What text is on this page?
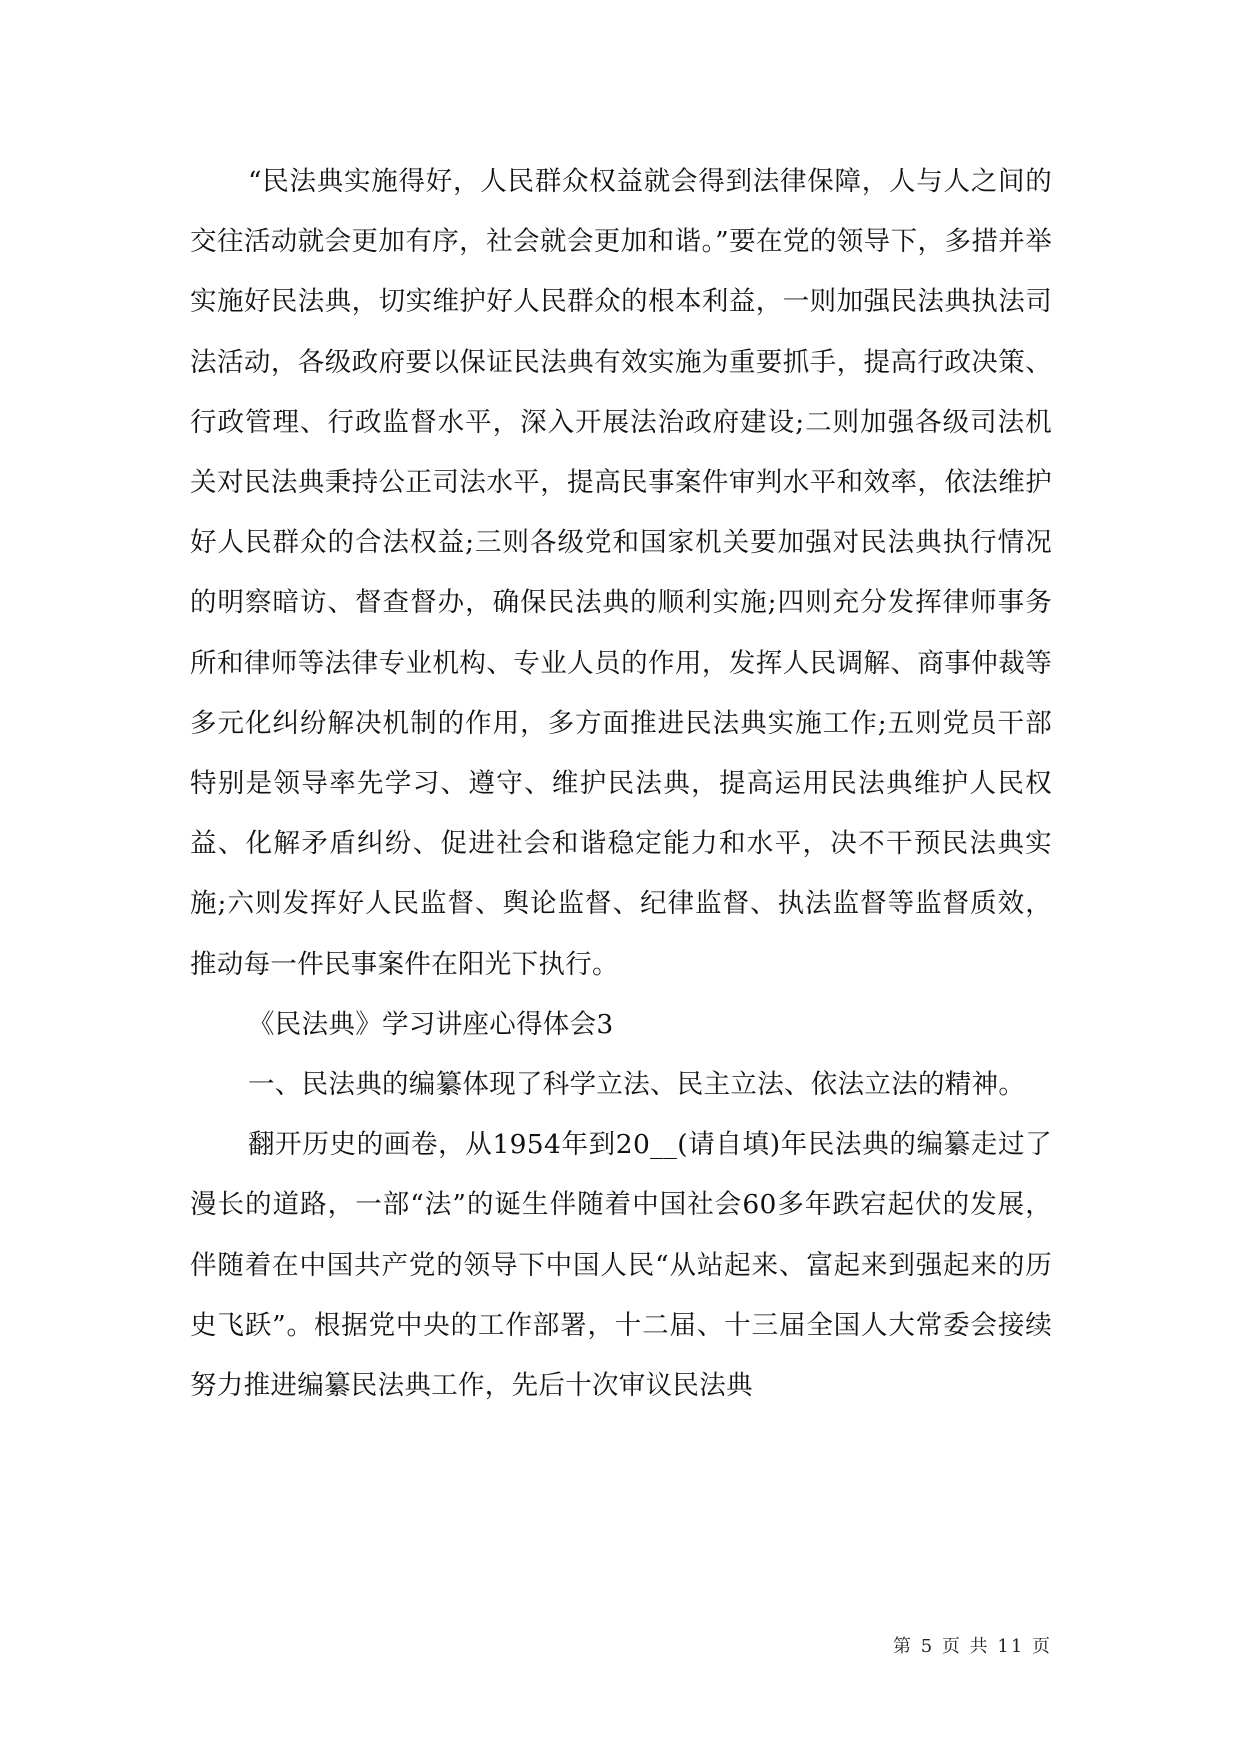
“民法典实施得好，人民群众权益就会得到法律保障，人与人之间的交往活动就会更加有序，社会就会更加和谐。”要在党的领导下，多措并举实施好民法典，切实维护好人民群众的根本利益，一则加强民法典执法司法活动，各级政府要以保证民法典有效实施为重要抓手，提高行政决策、行政管理、行政监督水平，深入开展法治政府建设;二则加强各级司法机关对民法典秉持公正司法水平，提高民事案件审判水平和效率，依法维护好人民群众的合法权益;三则各级党和国家机关要加强对民法典执行情况的明察暗访、督查督办，确保民法典的顺利实施;四则充分发挥律师事务所和律师等法律专业机构、专业人员的作用，发挥人民调解、商事仲裁等多元化纠纷解决机制的作用，多方面推进民法典实施工作;五则党员干部特别是领导率先学习、遵守、维护民法典，提高运用民法典维护人民权益、化解矛盾纠纷、促进社会和谐稳定能力和水平，决不干预民法典实施;六则发挥好人民监督、舆论监督、纪律监督、执法监督等监督质效，推动每一件民事案件在阳光下执行。

《民法典》学习讲座心得体会3

一、民法典的编纂体现了科学立法、民主立法、依法立法的精神。

翻开历史的画卷，从1954年到20__(请自填)年民法典的编纂走过了漫长的道路，一部“法”的诞生伴随着中国社会60多年跌宕起伏的发展，伴随着在中国共产党的领导下中国人民“从站起来、富起来到强起来的历史飞跃”。根据党中央的工作部署，十二届、十三届全国人大常委会接续努力推进编纂民法典工作，先后十次审议民法典

第 5 页 共 11 页
